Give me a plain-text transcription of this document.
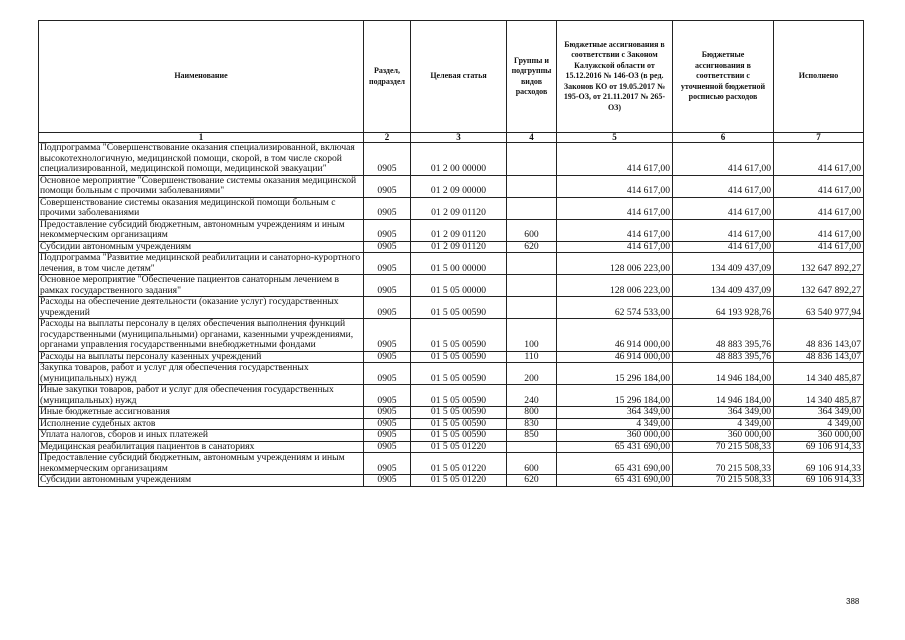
Наименование	Раздел, подраздел	Целевая статья	Группы и подгруппы видов расходов	Бюджетные ассигнования в соответствии с Законом Калужской области от 15.12.2016 № 146-ОЗ (в ред. Законов КО от 19.05.2017 № 195-ОЗ, от 21.11.2017 № 265-ОЗ)	Бюджетные ассигнования в соответствии с уточненной бюджетной росписью расходов	Исполнено
1	2	3	4	5	6	7
Подпрограмма "Совершенствование оказания специализированной, включая высокотехнологичную, медицинской помощи, скорой, в том числе скорой специализированной, медицинской помощи, медицинской эвакуации"	0905	01 2 00 00000		414 617,00	414 617,00	414 617,00
Основное мероприятие "Совершенствование системы оказания медицинской помощи больным с прочими заболеваниями"	0905	01 2 09 00000		414 617,00	414 617,00	414 617,00
Совершенствование системы оказания медицинской помощи больным с прочими заболеваниями	0905	01 2 09 01120		414 617,00	414 617,00	414 617,00
Предоставление субсидий бюджетным, автономным учреждениям и иным некоммерческим организациям	0905	01 2 09 01120	600	414 617,00	414 617,00	414 617,00
Субсидии автономным учреждениям	0905	01 2 09 01120	620	414 617,00	414 617,00	414 617,00
Подпрограмма "Развитие медицинской реабилитации и санаторно-курортного лечения, в том числе детям"	0905	01 5 00 00000		128 006 223,00	134 409 437,09	132 647 892,27
Основное мероприятие "Обеспечение пациентов санаторным лечением в рамках государственного задания"	0905	01 5 05 00000		128 006 223,00	134 409 437,09	132 647 892,27
Расходы на обеспечение деятельности (оказание услуг) государственных учреждений	0905	01 5 05 00590		62 574 533,00	64 193 928,76	63 540 977,94
Расходы на выплаты персоналу в целях обеспечения выполнения функций государственными (муниципальными) органами, казенными учреждениями, органами управления государственными внебюджетными фондами	0905	01 5 05 00590	100	46 914 000,00	48 883 395,76	48 836 143,07
Расходы на выплаты персоналу казенных учреждений	0905	01 5 05 00590	110	46 914 000,00	48 883 395,76	48 836 143,07
Закупка товаров, работ и услуг для обеспечения государственных (муниципальных) нужд	0905	01 5 05 00590	200	15 296 184,00	14 946 184,00	14 340 485,87
Иные закупки товаров, работ и услуг для обеспечения государственных (муниципальных) нужд	0905	01 5 05 00590	240	15 296 184,00	14 946 184,00	14 340 485,87
Иные бюджетные ассигнования	0905	01 5 05 00590	800	364 349,00	364 349,00	364 349,00
Исполнение судебных актов	0905	01 5 05 00590	830	4 349,00	4 349,00	4 349,00
Уплата налогов, сборов и иных платежей	0905	01 5 05 00590	850	360 000,00	360 000,00	360 000,00
Медицинская реабилитация пациентов в санаториях	0905	01 5 05 01220		65 431 690,00	70 215 508,33	69 106 914,33
Предоставление субсидий бюджетным, автономным учреждениям и иным некоммерческим организациям	0905	01 5 05 01220	600	65 431 690,00	70 215 508,33	69 106 914,33
Субсидии автономным учреждениям	0905	01 5 05 01220	620	65 431 690,00	70 215 508,33	69 106 914,33
388
